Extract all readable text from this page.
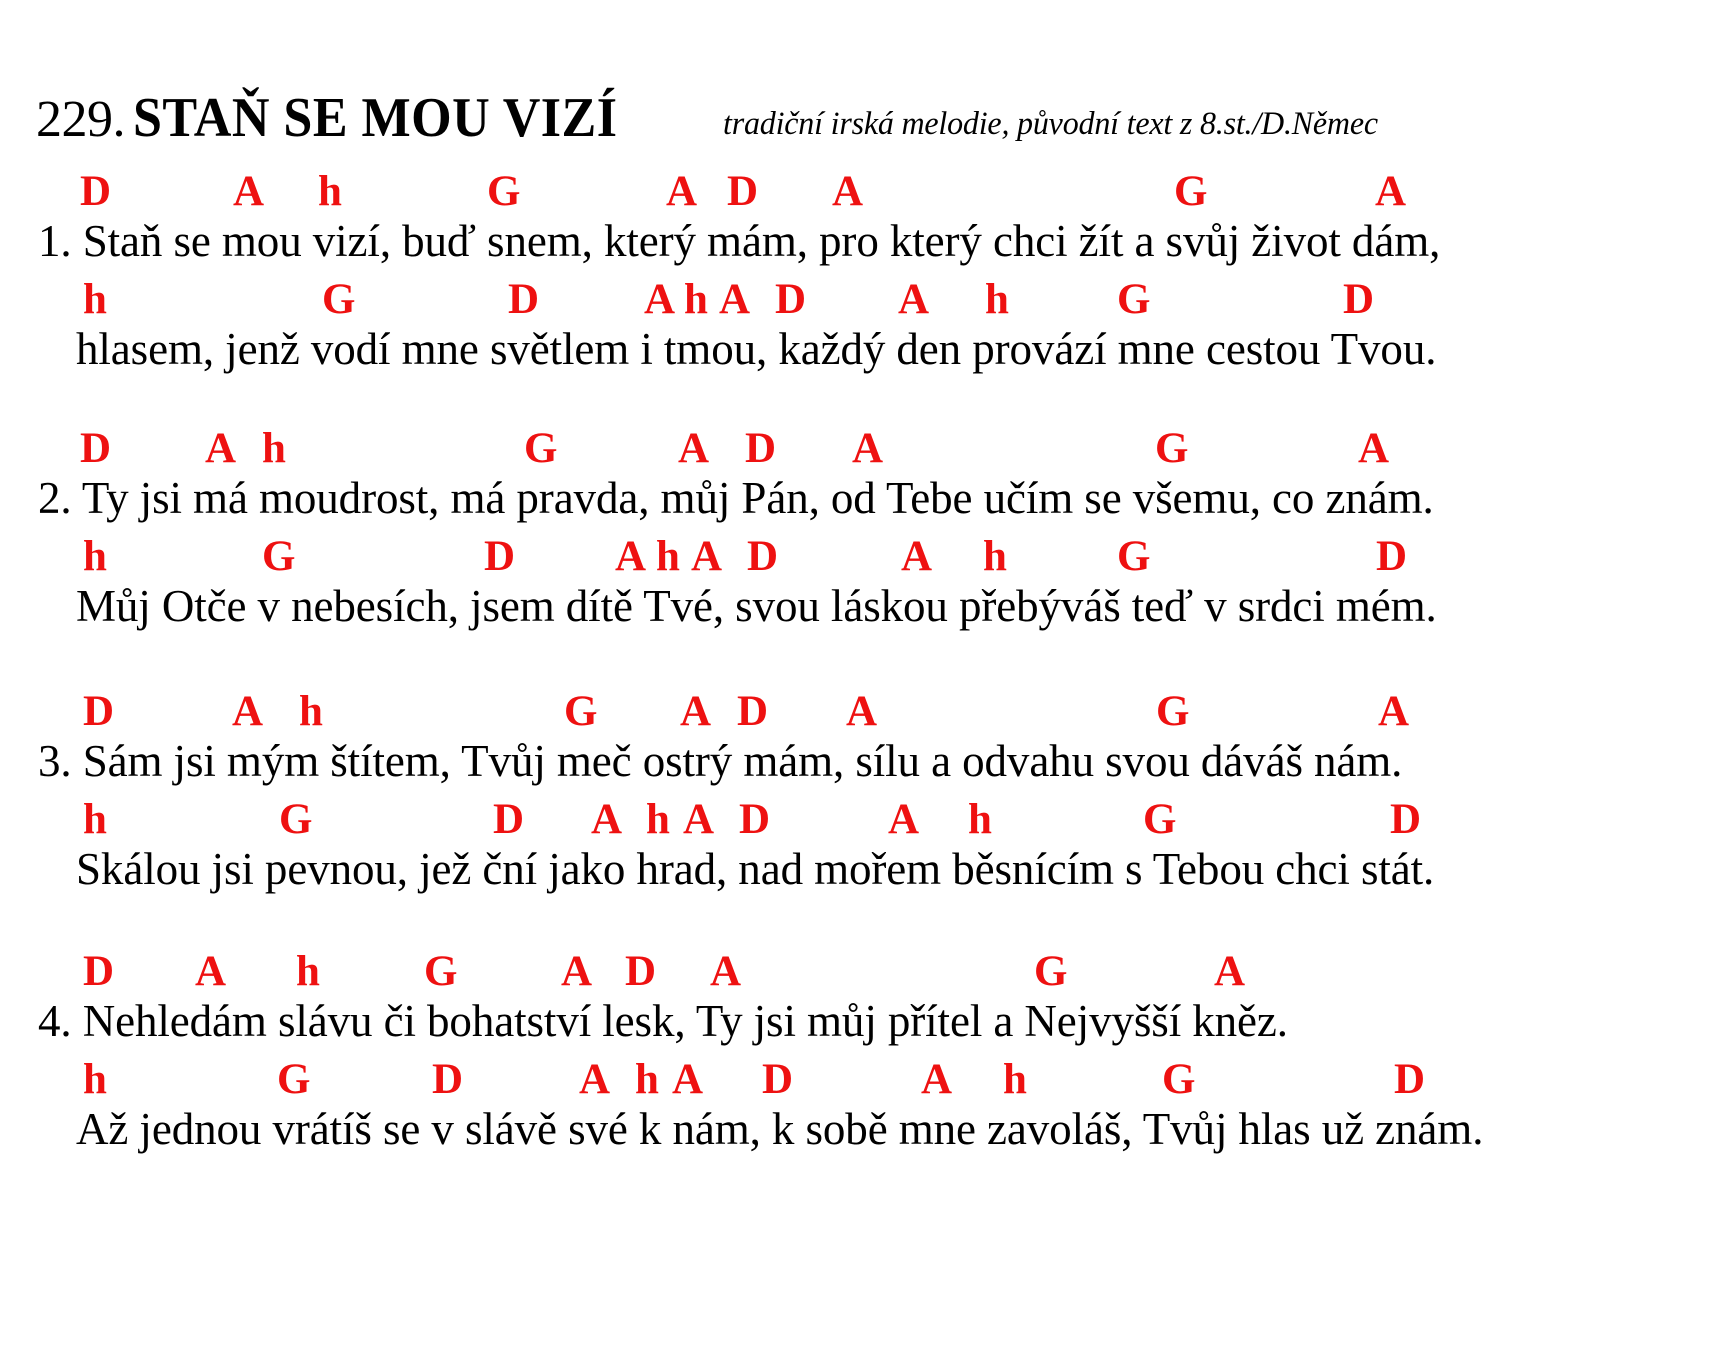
229. STAŇ SE MOU VIZÍ	tradiční irská melodie, původní text z 8.st./D.Němec
D	A h	G	A D A	G	A
1. Staň se mou vizí, buď snem, který mám, pro který chci žít a svůj život dám,
h	G	D A h A D A h	G	D
hlasem, jenž vodí mne světlem i tmou, každý den provází mne cestou Tvou.
D A h	G	A D A	G	A
2. Ty jsi má moudrost, má pravda, můj Pán, od Tebe učím se všemu, co znám.
h	G	D A h A D	A h	G	D
Můj Otče v nebesích, jsem dítě Tvé, svou láskou přebýváš teď v srdci mém.
D	A h	G A D A	G	A
3. Sám jsi mým štítem, Tvůj meč ostrý mám, sílu a odvahu svou dáváš nám.
h	G	D A h A D	A h	G	D
Skálou jsi pevnou, jež ční jako hrad, nad mořem běsnícím s Tebou chci stát.
D A h G A D A	G	A
4. Nehledám slávu či bohatství lesk, Ty jsi můj přítel a Nejvyšší kněz.
h	G	D	A h A D	A h	G	D
Až jednou vrátíš se v slávě své k nám, k sobě mne zavoláš, Tvůj hlas už znám.
